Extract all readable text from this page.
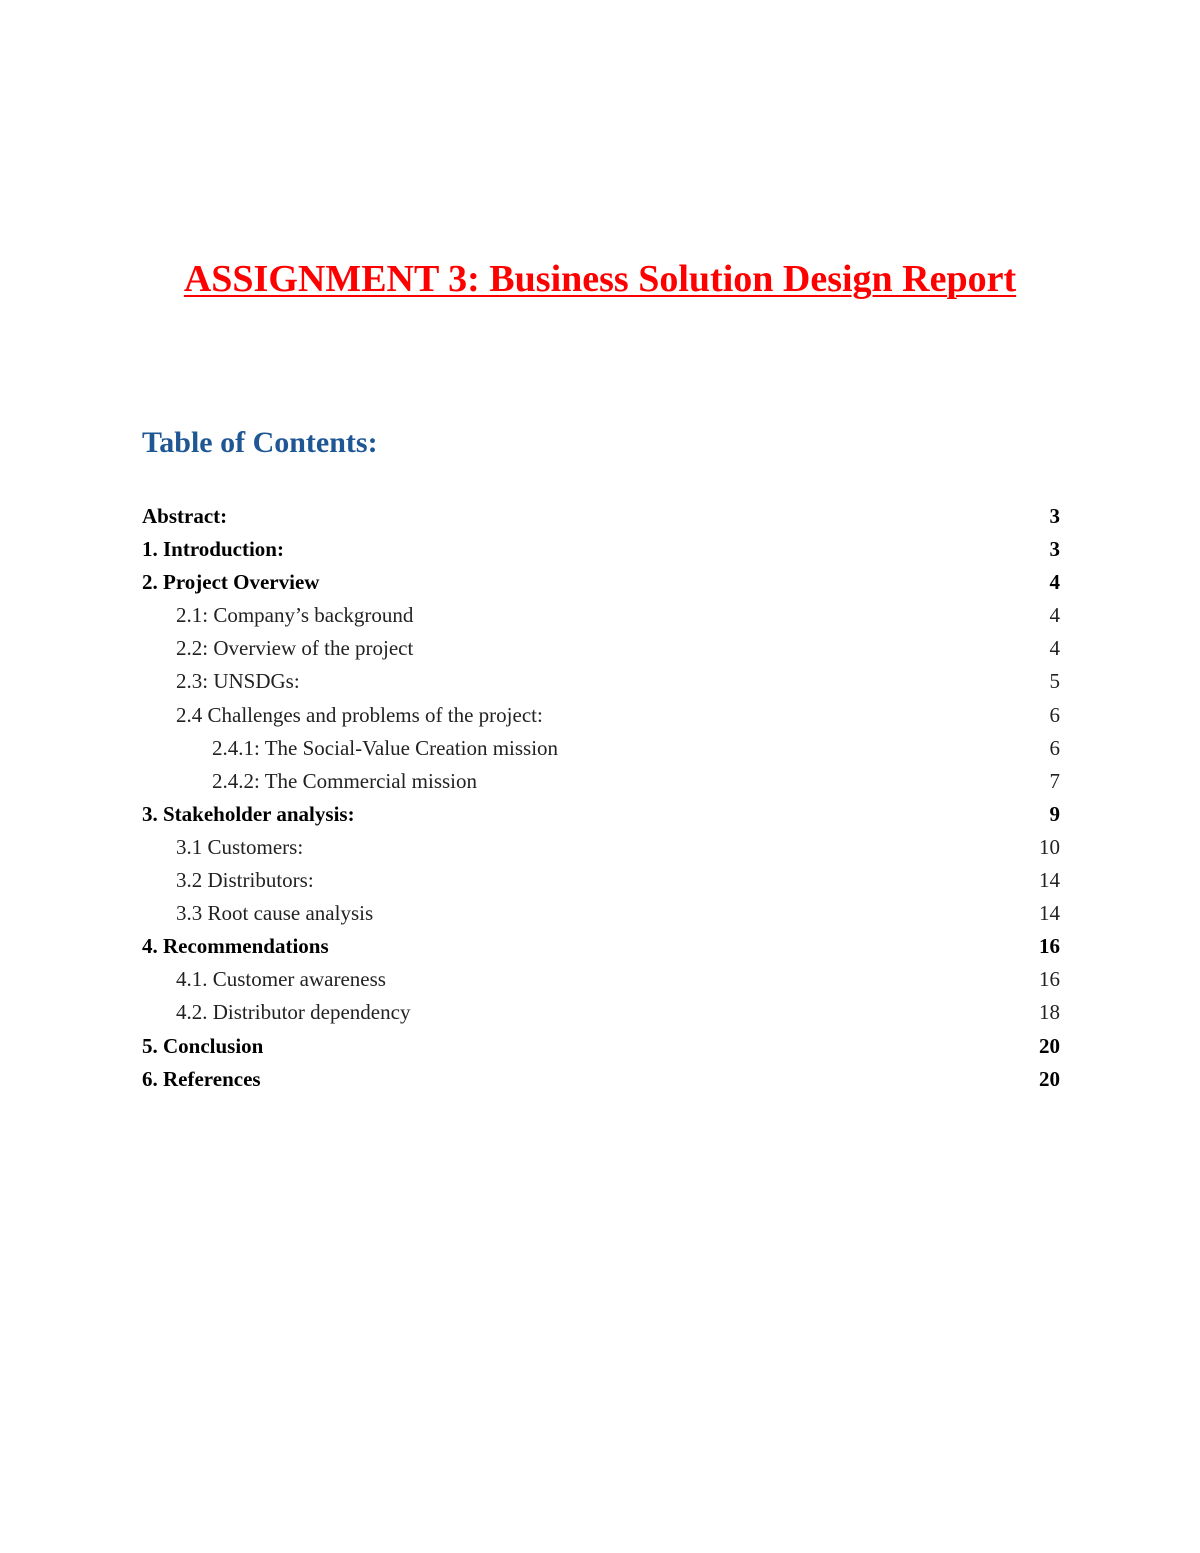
ASSIGNMENT 3: Business Solution Design Report
Table of Contents:
Abstract:	3
1. Introduction:	3
2. Project Overview	4
2.1: Company’s background	4
2.2: Overview of the project	4
2.3: UNSDGs:	5
2.4 Challenges and problems of the project:	6
2.4.1: The Social-Value Creation mission	6
2.4.2: The Commercial mission	7
3. Stakeholder analysis:	9
3.1 Customers:	10
3.2 Distributors:	14
3.3 Root cause analysis	14
4. Recommendations	16
4.1. Customer awareness	16
4.2. Distributor dependency	18
5. Conclusion	20
6. References	20
